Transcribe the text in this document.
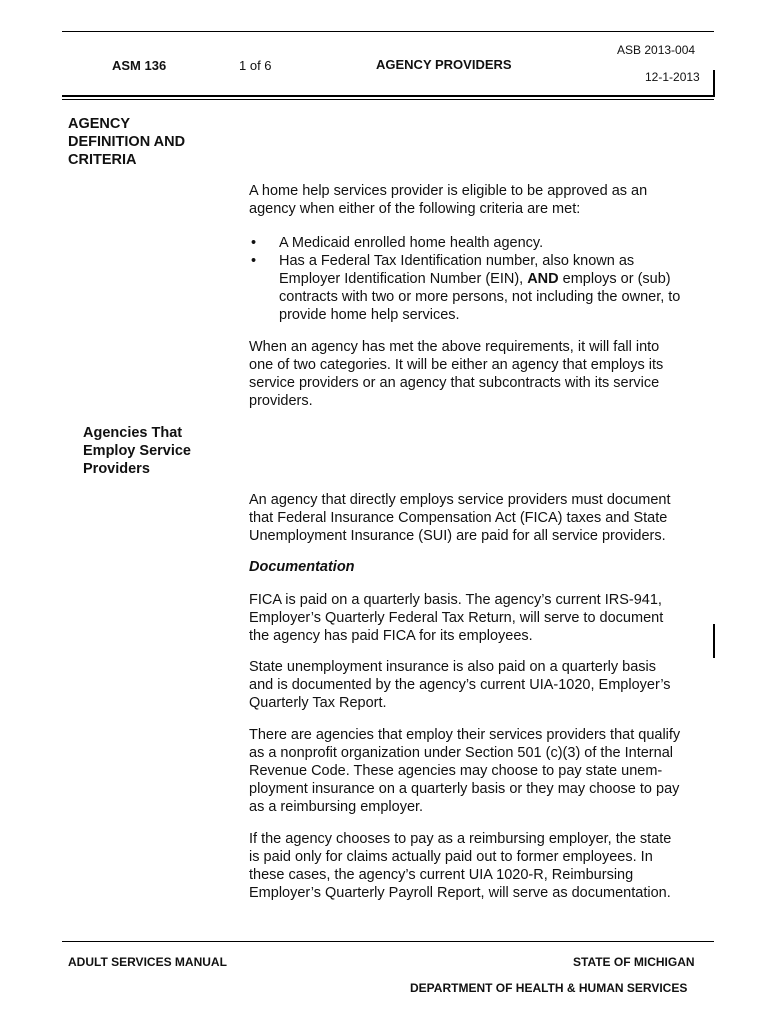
ASM 136	1 of 6	AGENCY PROVIDERS
ASB 2013-004
12-1-2013
AGENCY
DEFINITION AND
CRITERIA
A home help services provider is eligible to be approved as an
agency when either of the following criteria are met:
• A Medicaid enrolled home health agency.
• Has a Federal Tax Identification number, also known as
Employer Identification Number (EIN), AND employs or (sub)
contracts with two or more persons, not including the owner, to
provide home help services.
When an agency has met the above requirements, it will fall into
one of two categories. It will be either an agency that employs its
service providers or an agency that subcontracts with its service
providers.
Agencies That
Employ Service
Providers
An agency that directly employs service providers must document
that Federal Insurance Compensation Act (FICA) taxes and State
Unemployment Insurance (SUI) are paid for all service providers.
Documentation
FICA is paid on a quarterly basis. The agency’s current IRS-941,
Employer’s Quarterly Federal Tax Return, will serve to document
the agency has paid FICA for its employees.
State unemployment insurance is also paid on a quarterly basis
and is documented by the agency’s current UIA-1020, Employer’s
Quarterly Tax Report.
There are agencies that employ their services providers that qualify
as a nonprofit organization under Section 501 (c)(3) of the Internal
Revenue Code. These agencies may choose to pay state unem-
ployment insurance on a quarterly basis or they may choose to pay
as a reimbursing employer.
If the agency chooses to pay as a reimbursing employer, the state
is paid only for claims actually paid out to former employees. In
these cases, the agency’s current UIA 1020-R, Reimbursing
Employer’s Quarterly Payroll Report, will serve as documentation.
ADULT SERVICES MANUAL	STATE OF MICHIGAN
DEPARTMENT OF HEALTH & HUMAN SERVICES
